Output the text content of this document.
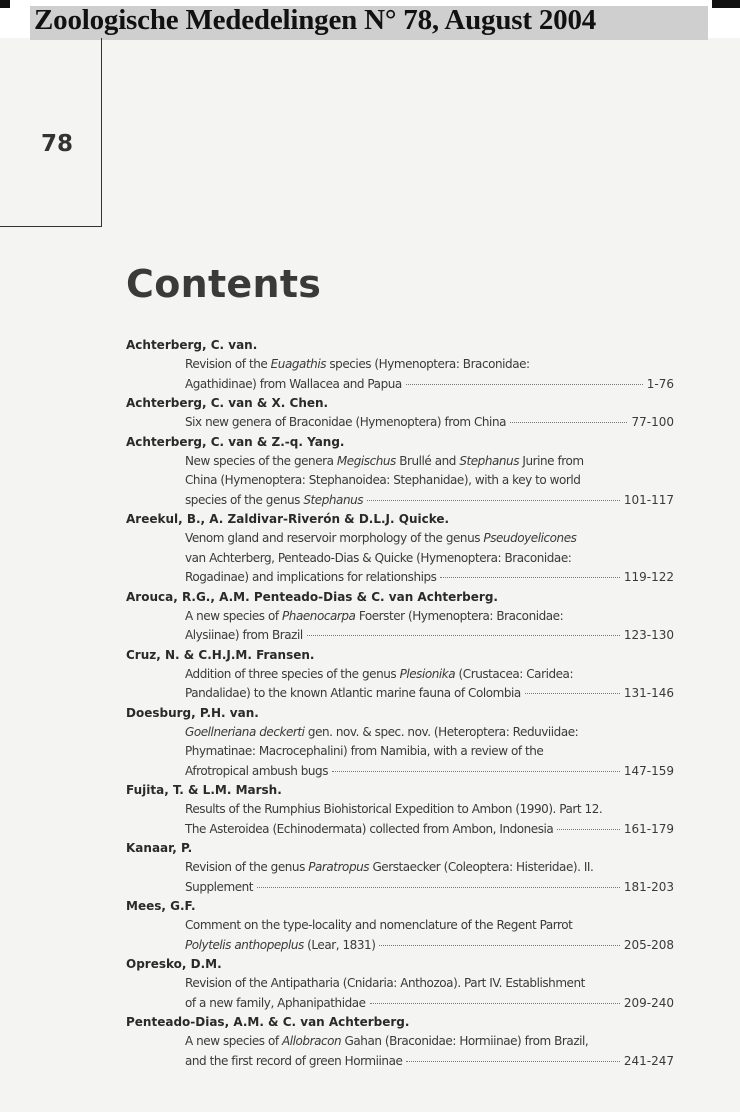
Zoologische Mededelingen N° 78, August 2004
78
Contents
Achterberg, C. van.
Revision of the Euagathis species (Hymenoptera: Braconidae:
Agathidinae) from Wallacea and Papua	1-76
Achterberg, C. van & X. Chen.
Six new genera of Braconidae (Hymenoptera) from China	77-100
Achterberg, C. van & Z.-q. Yang.
New species of the genera Megischus Brullé and Stephanus Jurine from
China (Hymenoptera: Stephanoidea: Stephanidae), with a key to world
species of the genus Stephanus	101-117
Areekul, B., A. Zaldivar-Riverón & D.L.J. Quicke.
Venom gland and reservoir morphology of the genus Pseudoyelicones
van Achterberg, Penteado-Dias & Quicke (Hymenoptera: Braconidae:
Rogadinae) and implications for relationships	119-122
Arouca, R.G., A.M. Penteado-Dias & C. van Achterberg.
A new species of Phaenocarpa Foerster (Hymenoptera: Braconidae:
Alysiinae) from Brazil	123-130
Cruz, N. & C.H.J.M. Fransen.
Addition of three species of the genus Plesionika (Crustacea: Caridea:
Pandalidae) to the known Atlantic marine fauna of Colombia	131-146
Doesburg, P.H. van.
Goellneriana deckerti gen. nov. & spec. nov. (Heteroptera: Reduviidae:
Phymatinae: Macrocephalini) from Namibia, with a review of the
Afrotropical ambush bugs	147-159
Fujita, T. & L.M. Marsh.
Results of the Rumphius Biohistorical Expedition to Ambon (1990). Part 12.
The Asteroidea (Echinodermata) collected from Ambon, Indonesia	161-179
Kanaar, P.
Revision of the genus Paratropus Gerstaecker (Coleoptera: Histeridae). II.
Supplement	181-203
Mees, G.F.
Comment on the type-locality and nomenclature of the Regent Parrot
Polytelis anthopeplus (Lear, 1831)	205-208
Opresko, D.M.
Revision of the Antipatharia (Cnidaria: Anthozoa). Part IV. Establishment
of a new family, Aphanipathidae	209-240
Penteado-Dias, A.M. & C. van Achterberg.
A new species of Allobracon Gahan (Braconidae: Hormiinae) from Brazil,
and the first record of green Hormiinae	241-247
